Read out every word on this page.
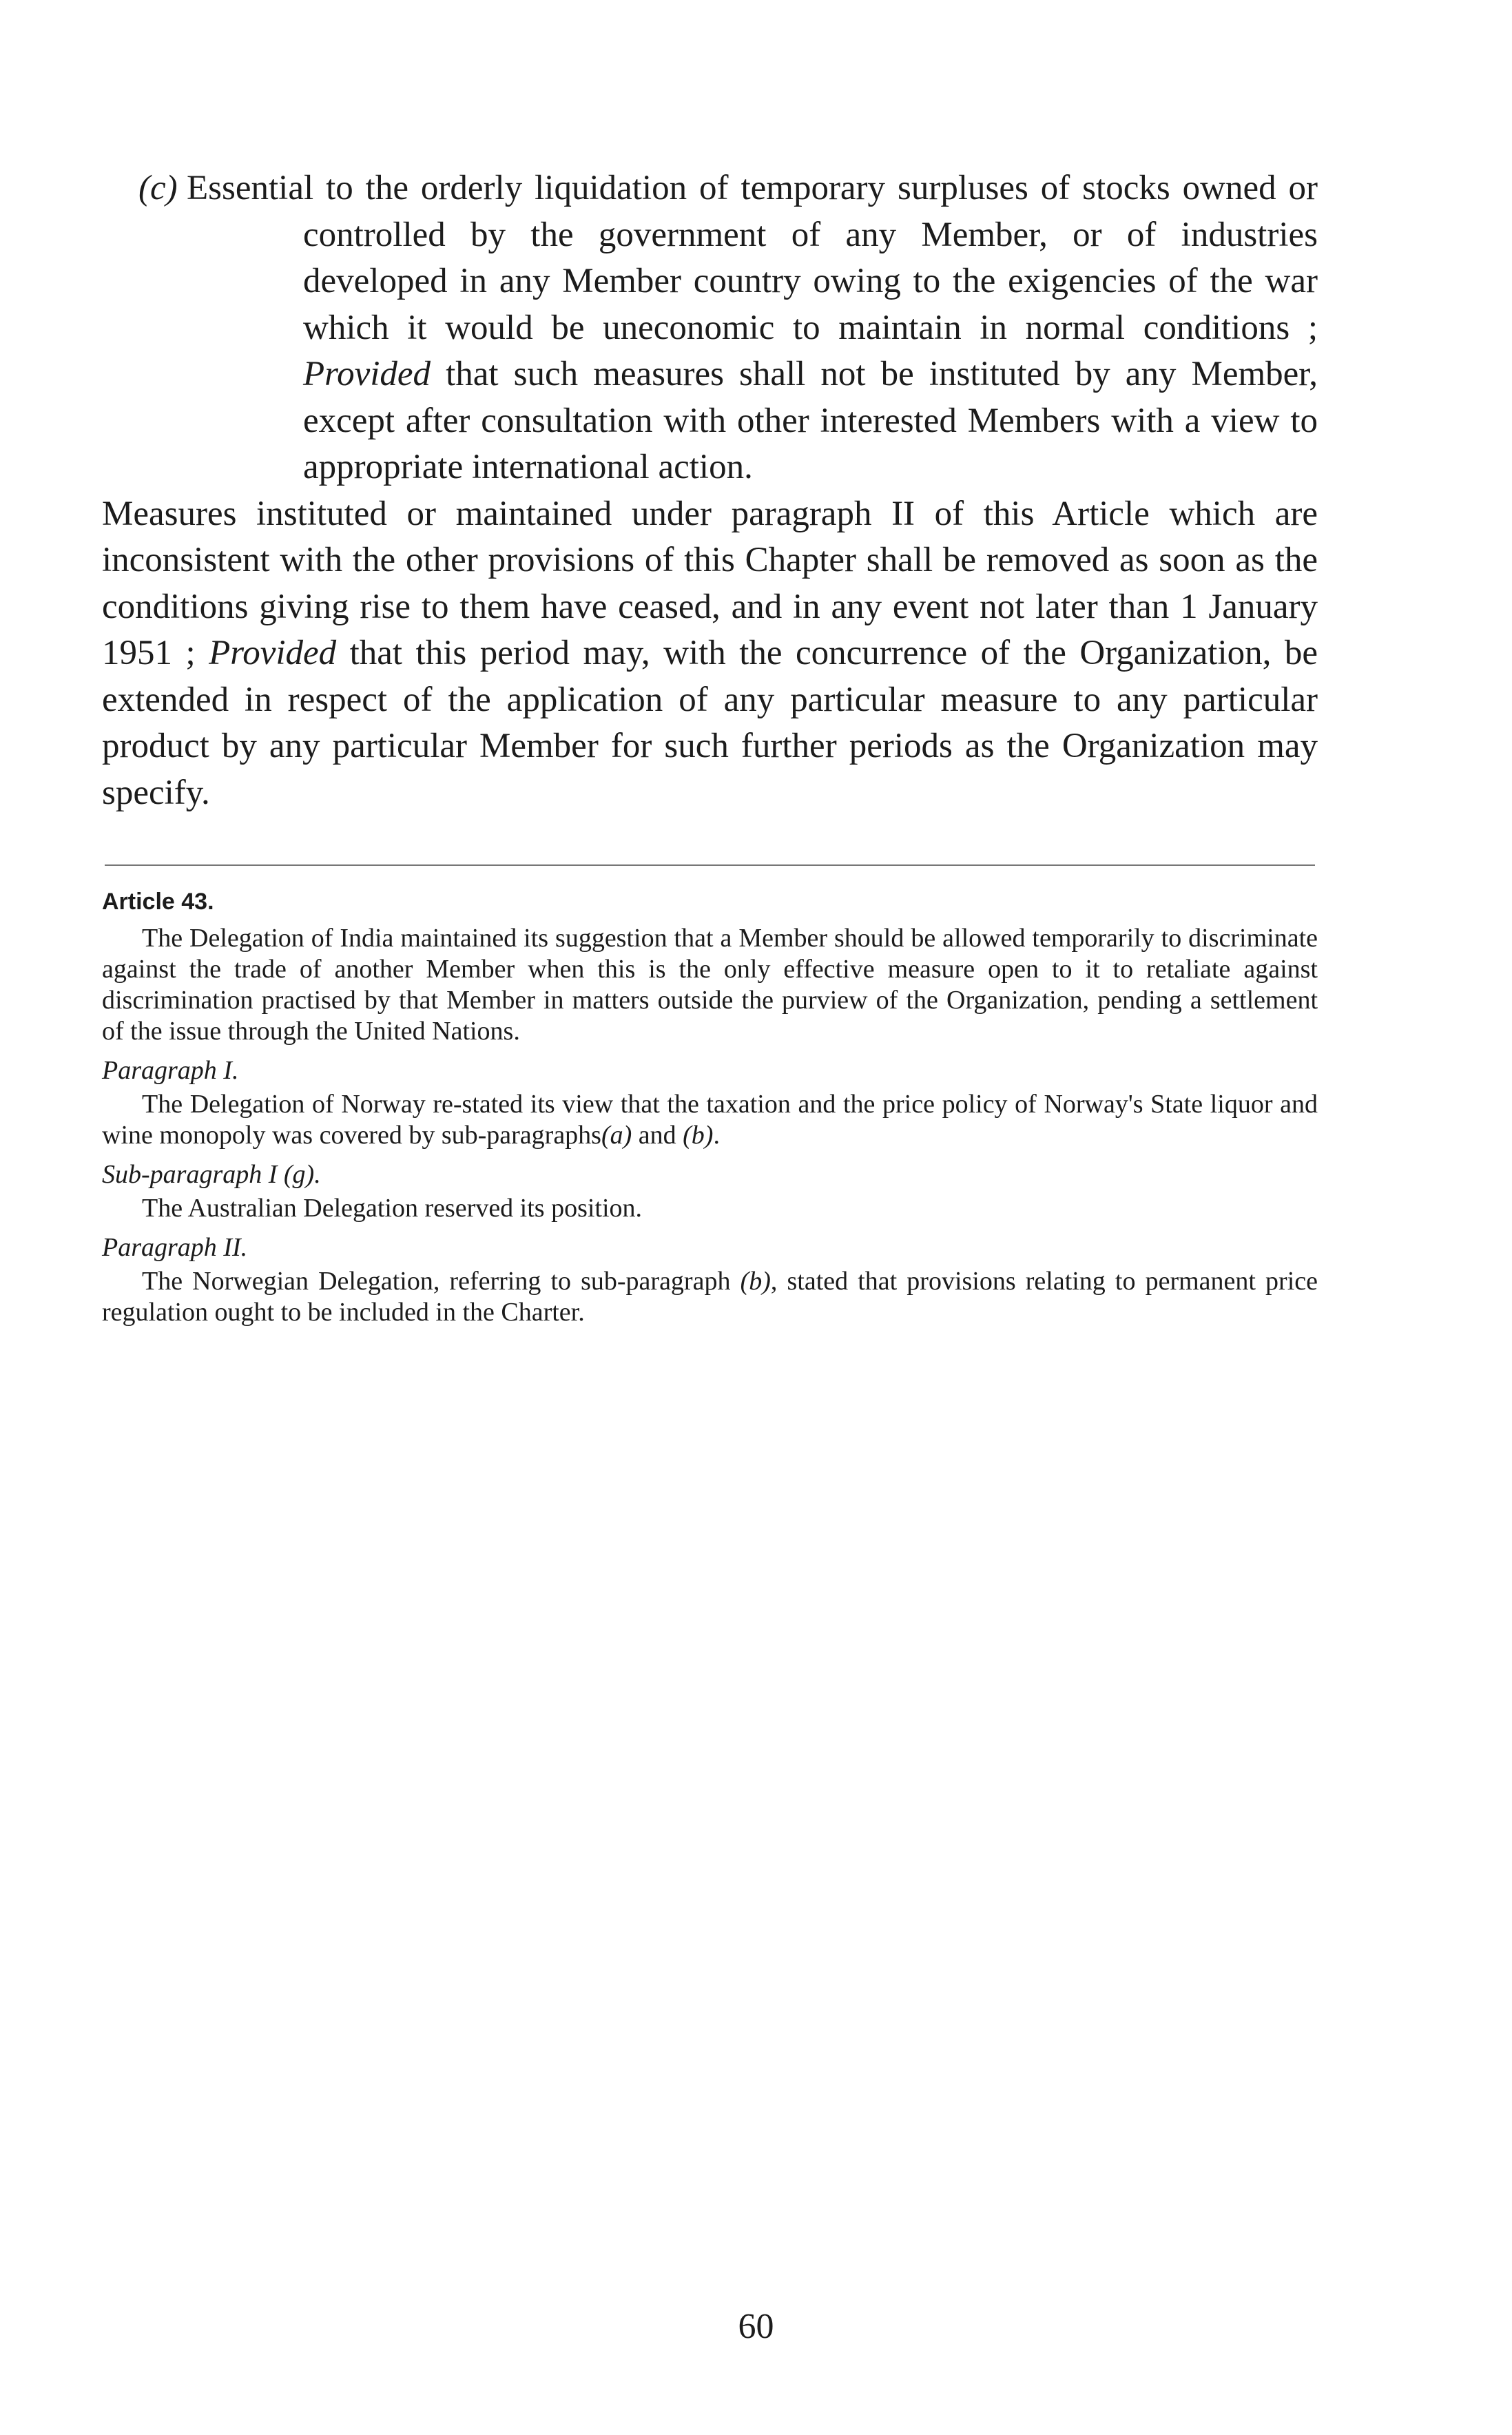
(c) Essential to the orderly liquidation of temporary surpluses of stocks owned or controlled by the government of any Member, or of industries developed in any Member country owing to the exigencies of the war which it would be uneconomic to maintain in normal conditions ; Provided that such measures shall not be instituted by any Member, except after consultation with other interested Members with a view to appropriate international action.

Measures instituted or maintained under paragraph II of this Article which are inconsistent with the other provisions of this Chapter shall be removed as soon as the conditions giving rise to them have ceased, and in any event not later than 1 January 1951 ; Provided that this period may, with the concurrence of the Organization, be extended in respect of the application of any particular measure to any particular product by any particular Member for such further periods as the Organization may specify.

Article 43.

The Delegation of India maintained its suggestion that a Member should be allowed temporarily to discriminate against the trade of another Member when this is the only effective measure open to it to retaliate against discrimination practised by that Member in matters outside the purview of the Organization, pending a settlement of the issue through the United Nations.

Paragraph I.

The Delegation of Norway re-stated its view that the taxation and the price policy of Norway's State liquor and wine monopoly was covered by sub-paragraphs(a) and (b).

Sub-paragraph I (g).

The Australian Delegation reserved its position.

Paragraph II.

The Norwegian Delegation, referring to sub-paragraph (b), stated that provisions relating to permanent price regulation ought to be included in the Charter.

60
